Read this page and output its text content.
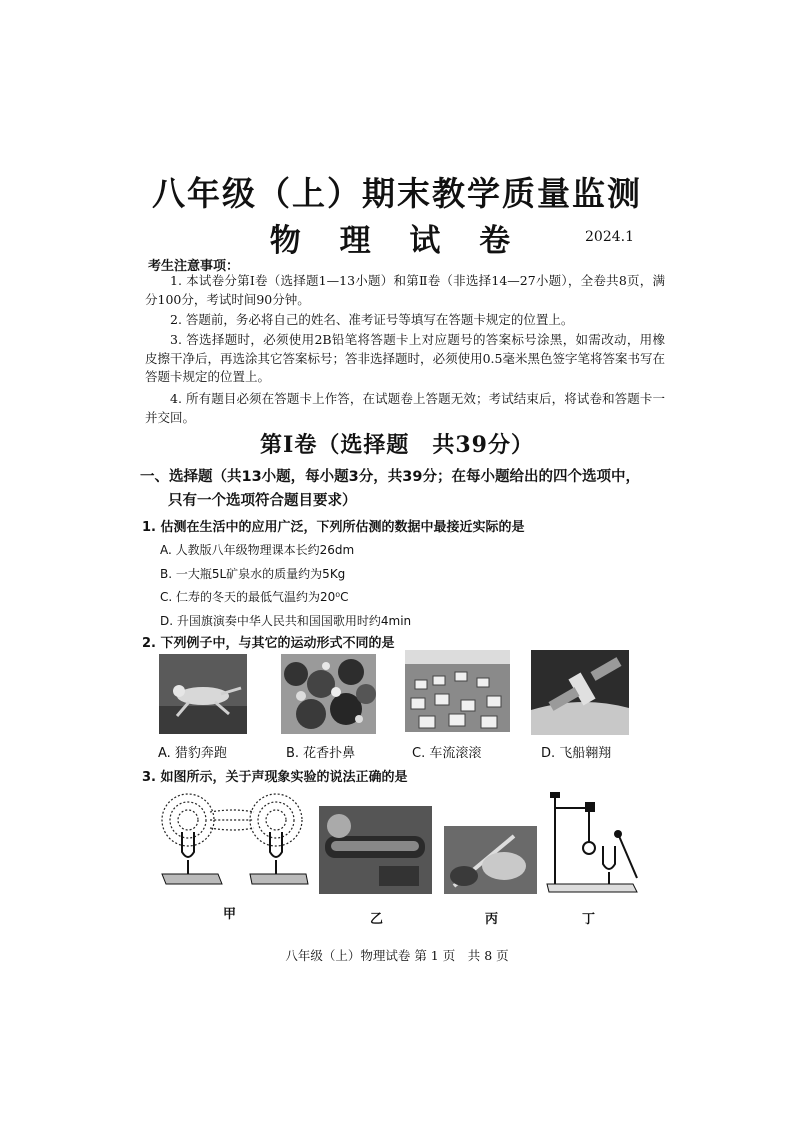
八年级（上）期末教学质量监测
物 理 试 卷	2024.1
考生注意事项：
1. 本试卷分第Ⅰ卷（选择题1—13小题）和第Ⅱ卷（非选择14—27小题），全卷共8页，满分100分，考试时间90分钟。
2. 答题前，务必将自己的姓名、准考证号等填写在答题卡规定的位置上。
3. 答选择题时，必须使用2B铅笔将答题卡上对应题号的答案标号涂黑，如需改动，用橡皮擦干净后，再选涂其它答案标号；答非选择题时，必须使用0.5毫米黑色签字笔将答案书写在答题卡规定的位置上。
4. 所有题目必须在答题卡上作答，在试题卷上答题无效；考试结束后，将试卷和答题卡一并交回。
第Ⅰ卷（选择题　共39分）
一、选择题（共13小题，每小题3分，共39分；在每小题给出的四个选项中，
只有一个选项符合题目要求）
1. 估测在生活中的应用广泛，下列所估测的数据中最接近实际的是
A. 人教版八年级物理课本长约26dm
B. 一大瓶5L矿泉水的质量约为5Kg
C. 仁寿的冬天的最低气温约为20⁰C
D. 升国旗演奏中华人民共和国国歌用时约4min
2. 下列例子中，与其它的运动形式不同的是
A. 猎豹奔跑	B. 花香扑鼻	C. 车流滚滚	D. 飞船翱翔
3. 如图所示，关于声现象实验的说法正确的是
甲	乙	丙	丁
八年级（上）物理试卷 第 1 页　共 8 页
